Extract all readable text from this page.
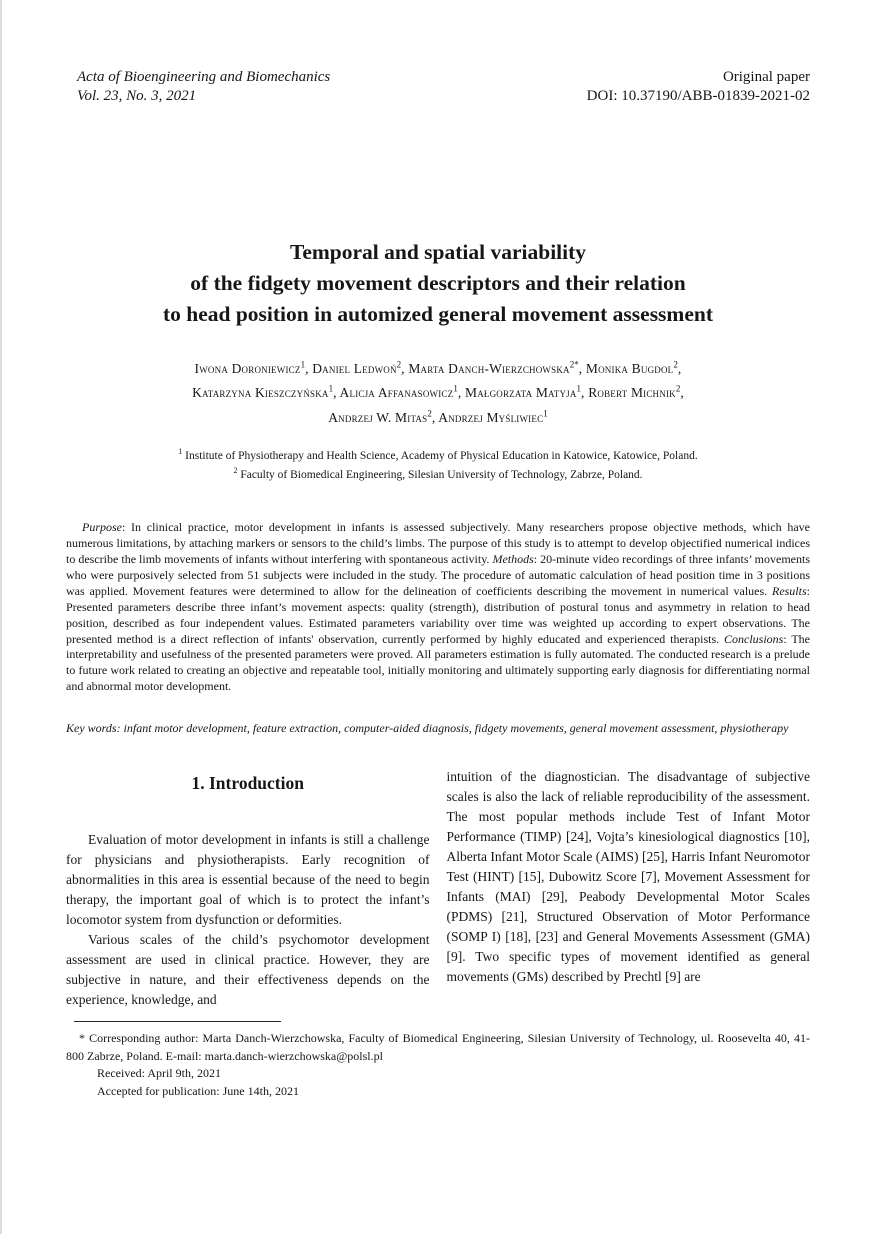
Acta of Bioengineering and Biomechanics
Vol. 23, No. 3, 2021
Original paper
DOI: 10.37190/ABB-01839-2021-02
Temporal and spatial variability
of the fidgety movement descriptors and their relation
to head position in automized general movement assessment
Iwona Doroniewicz$^1$, Daniel Ledwoń$^2$, Marta Danch-Wierzchowska$^{2*}$, Monika Bugdol$^2$,
Katarzyna Kieszczyńska$^1$, Alicja Affanasowicz$^1$, Małgorzata Matyja$^1$, Robert Michnik$^2$,
Andrzej W. Mitas$^2$, Andrzej Myśliwiec$^1$
$^1$ Institute of Physiotherapy and Health Science, Academy of Physical Education in Katowice, Katowice, Poland.
$^2$ Faculty of Biomedical Engineering, Silesian University of Technology, Zabrze, Poland.

Purpose: In clinical practice, motor development in infants is assessed subjectively. Many researchers propose objective methods, which have numerous limitations, by attaching markers or sensors to the child’s limbs. The purpose of this study is to attempt to develop objectified numerical indices to describe the limb movements of infants without interfering with spontaneous activity. Methods: 20-minute video recordings of three infants’ movements who were purposively selected from 51 subjects were included in the study. The procedure of automatic calculation of head position time in 3 positions was applied. Movement features were determined to allow for the delineation of coefficients describing the movement in numerical values. Results: Presented parameters describe three infant’s movement aspects: quality (strength), distribution of postural tonus and asymmetry in relation to head position, described as four independent values. Estimated parameters variability over time was weighted up according to expert observations. The presented method is a direct reflection of infants' observation, currently performed by highly educated and experienced therapists. Conclusions: The interpretability and usefulness of the presented parameters were proved. All parameters estimation is fully automated. The conducted research is a prelude to future work related to creating an objective and repeatable tool, initially monitoring and ultimately supporting early diagnosis for differentiating normal and abnormal motor development.

Key words: infant motor development, feature extraction, computer-aided diagnosis, fidgety movements, general movement assessment, physiotherapy

1. Introduction

Evaluation of motor development in infants is still a challenge for physicians and physiotherapists. Early recognition of abnormalities in this area is essential because of the need to begin therapy, the important goal of which is to protect the infant’s locomotor system from dysfunction or deformities.

Various scales of the child’s psychomotor development assessment are used in clinical practice. However, they are subjective in nature, and their effectiveness depends on the experience, knowledge, and

intuition of the diagnostician. The disadvantage of subjective scales is also the lack of reliable reproducibility of the assessment. The most popular methods include Test of Infant Motor Performance (TIMP) [24], Vojta’s kinesiological diagnostics [10], Alberta Infant Motor Scale (AIMS) [25], Harris Infant Neuromotor Test (HINT) [15], Dubowitz Score [7], Movement Assessment for Infants (MAI) [29], Peabody Developmental Motor Scales (PDMS) [21], Structured Observation of Motor Performance (SOMP I) [18], [23] and General Movements Assessment (GMA) [9]. Two specific types of movement identified as general movements (GMs) described by Prechtl [9] are

* Corresponding author: Marta Danch-Wierzchowska, Faculty of Biomedical Engineering, Silesian University of Technology, ul. Roosevelta 40, 41-800 Zabrze, Poland. E-mail: marta.danch-wierzchowska@polsl.pl

Received: April 9th, 2021

Accepted for publication: June 14th, 2021
